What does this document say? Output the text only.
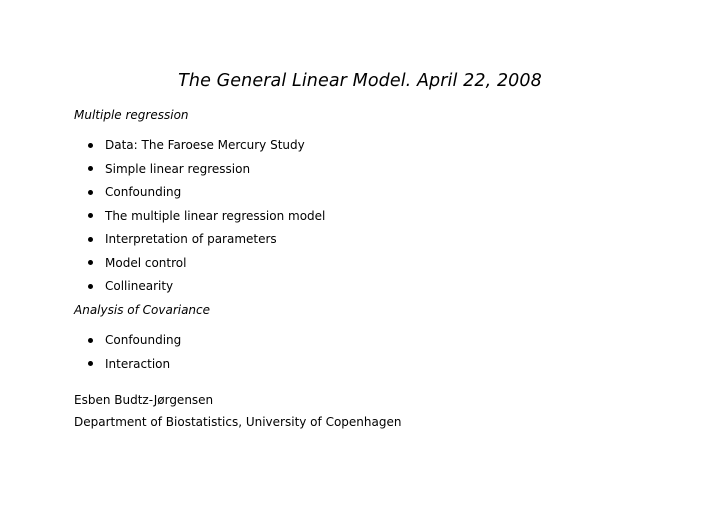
The General Linear Model. April 22, 2008
Multiple regression
Data: The Faroese Mercury Study
Simple linear regression
Confounding
The multiple linear regression model
Interpretation of parameters
Model control
Collinearity
Analysis of Covariance
Confounding
Interaction
Esben Budtz-Jørgensen
Department of Biostatistics, University of Copenhagen
